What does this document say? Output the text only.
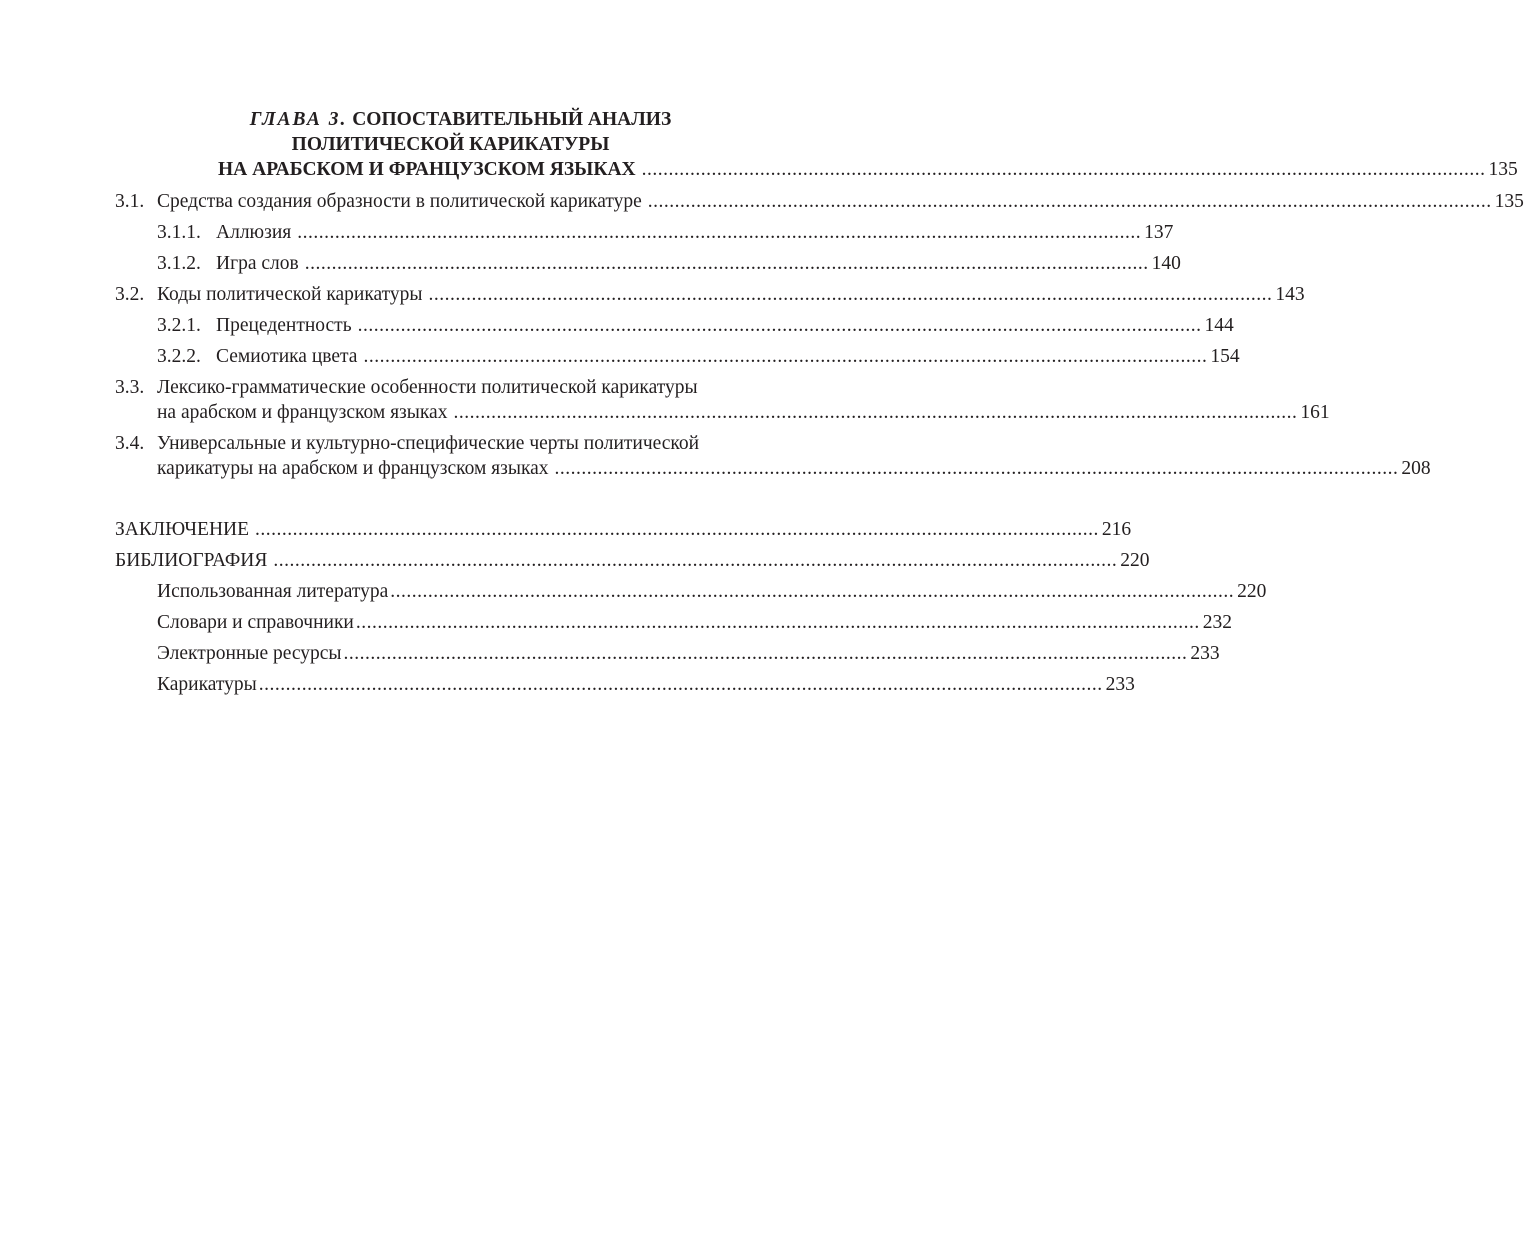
ГЛАВА 3. СОПОСТАВИТЕЛЬНЫЙ АНАЛИЗ
ПОЛИТИЧЕСКОЙ КАРИКАТУРЫ
НА АРАБСКОМ И ФРАНЦУЗСКОМ ЯЗЫКАХ ............................................................................................................................................................. 135
3.1. Средства создания образности в политической карикатуре ............................................................................................................................................................. 135
3.1.1. Аллюзия ............................................................................................................................................................. 137
3.1.2. Игра слов ............................................................................................................................................................. 140
3.2. Коды политической карикатуры ............................................................................................................................................................. 143
3.2.1. Прецедентность ............................................................................................................................................................. 144
3.2.2. Семиотика цвета ............................................................................................................................................................. 154
3.3. Лексико-грамматические особенности политической карикатуры
на арабском и французском языках ............................................................................................................................................................. 161
3.4. Универсальные и культурно-специфические черты политической
карикатуры на арабском и французском языках ............................................................................................................................................................. 208
ЗАКЛЮЧЕНИЕ ............................................................................................................................................................. 216
БИБЛИОГРАФИЯ ............................................................................................................................................................. 220
Использованная литература ............................................................................................................................................................. 220
Словари и справочники ............................................................................................................................................................. 232
Электронные ресурсы ............................................................................................................................................................. 233
Карикатуры ............................................................................................................................................................. 233
